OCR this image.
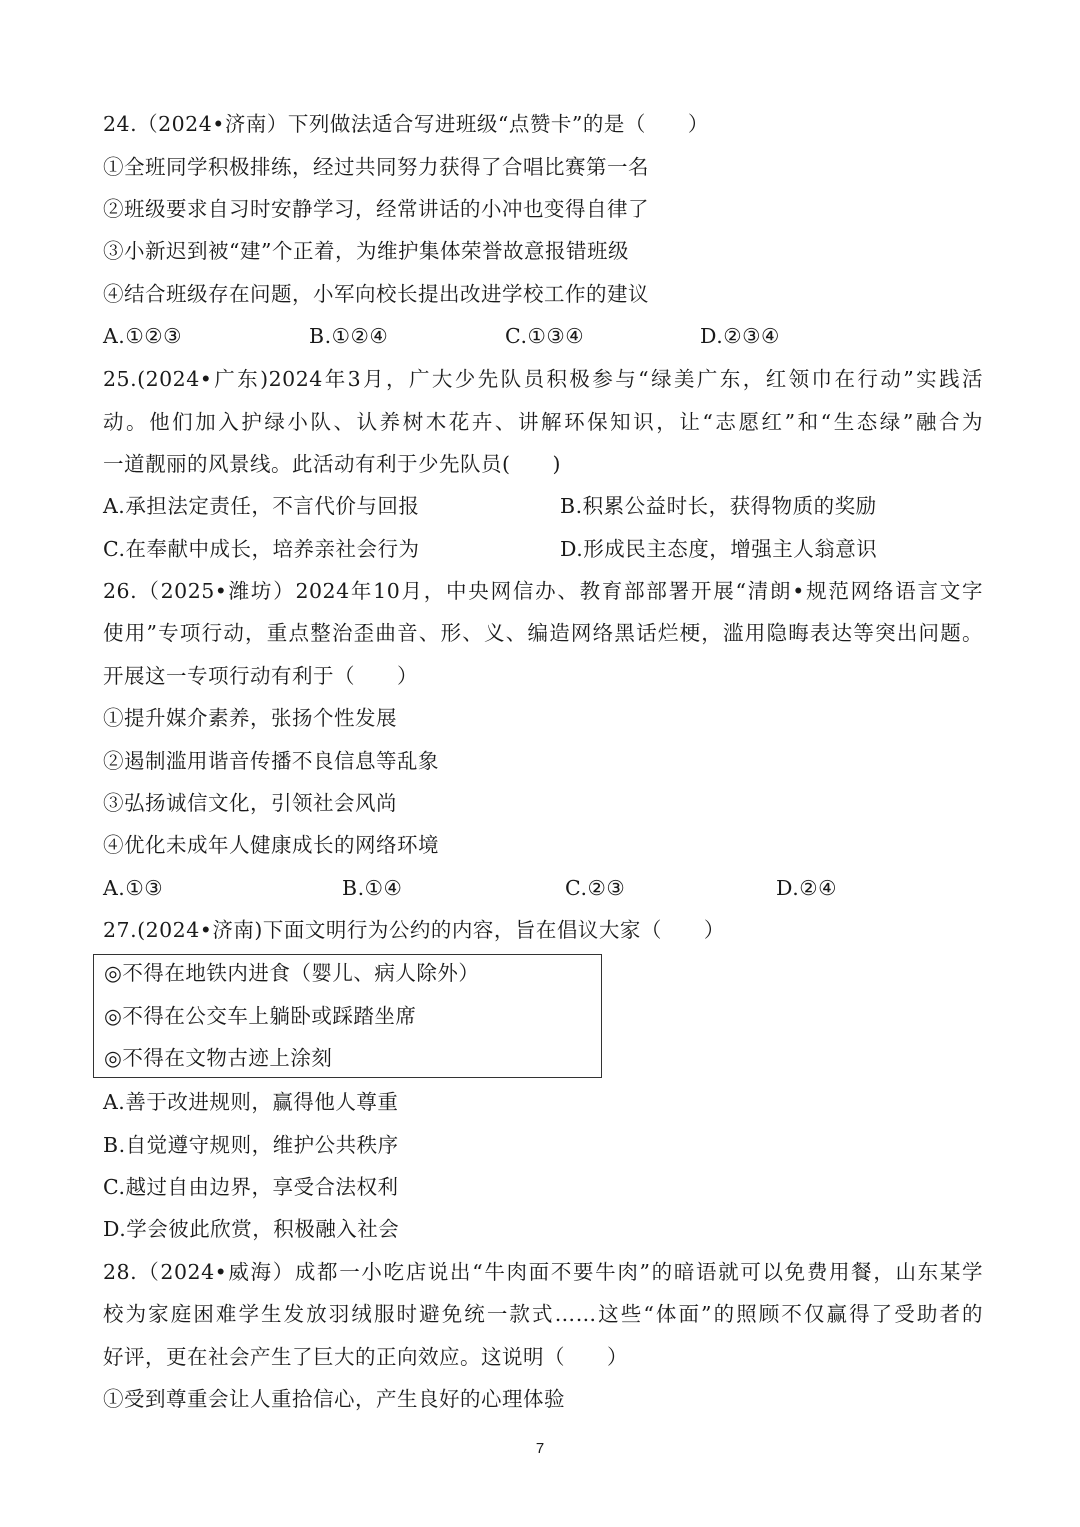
24.（2024•济南）下列做法适合写进班级“点赞卡”的是（　　）
①全班同学积极排练，经过共同努力获得了合唱比赛第一名
②班级要求自习时安静学习，经常讲话的小冲也变得自律了
③小新迟到被“建”个正着，为维护集体荣誉故意报错班级
④结合班级存在问题，小军向校长提出改进学校工作的建议
A.①②③	B.①②④	C.①③④	D.②③④
25.(2024•广东)2024年3月，广大少先队员积极参与“绿美广东，红领巾在行动”实践活
动。他们加入护绿小队、认养树木花卉、讲解环保知识，让“志愿红”和“生态绿”融合为
一道靓丽的风景线。此活动有利于少先队员(　　)
A.承担法定责任，不言代价与回报	B.积累公益时长，获得物质的奖励
C.在奉献中成长，培养亲社会行为	D.形成民主态度，增强主人翁意识
26.（2025•潍坊）2024年10月，中央网信办、教育部部署开展“清朗•规范网络语言文字
使用”专项行动，重点整治歪曲音、形、义、编造网络黑话烂梗，滥用隐晦表达等突出问题。
开展这一专项行动有利于（　　）
①提升媒介素养，张扬个性发展
②遏制滥用谐音传播不良信息等乱象
③弘扬诚信文化，引领社会风尚
④优化未成年人健康成长的网络环境
A.①③	B.①④	C.②③	D.②④
27.(2024•济南)下面文明行为公约的内容，旨在倡议大家（　　）
◎不得在地铁内进食（婴儿、病人除外）
◎不得在公交车上躺卧或踩踏坐席
◎不得在文物古迹上涂刻
A.善于改进规则，赢得他人尊重
B.自觉遵守规则，维护公共秩序
C.越过自由边界，享受合法权利
D.学会彼此欣赏，积极融入社会
28.（2024•威海）成都一小吃店说出“牛肉面不要牛肉”的暗语就可以免费用餐，山东某学
校为家庭困难学生发放羽绒服时避免统一款式……这些“体面”的照顾不仅赢得了受助者的
好评，更在社会产生了巨大的正向效应。这说明（　　）
①受到尊重会让人重拾信心，产生良好的心理体验
7
